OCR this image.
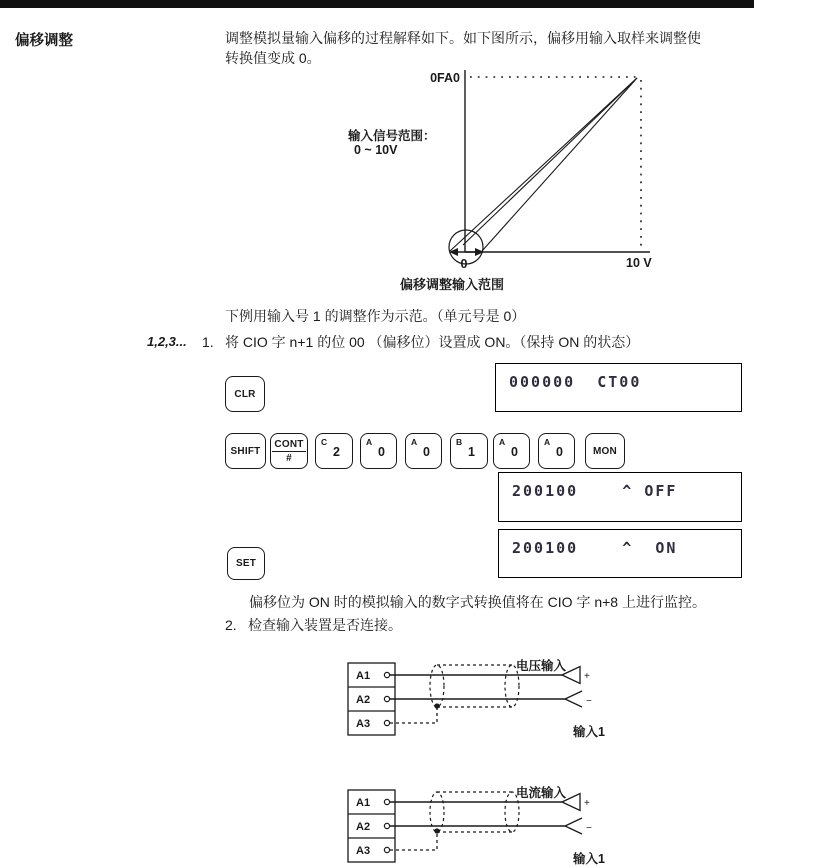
偏移调整	调整模拟量输入偏移的过程解释如下。如下图所示，偏移用输入取样来调整使
转换值变成 0。
0FA0
0	10 V
输入信号范围：
0 ~ 10V
偏移调整输入范围
下例用输入号 1 的调整作为示范。（单元号是 0）
1,2,3... 1. 将 CIO 字 n+1 的位 00 （偏移位）设置成 ON。（保持 ON 的状态）
CLR
000000  CT00
SHIFT
CONT
#
C
2
A
0
A
0
B
1
A
0
A
0	MON
200100    ^ OFF
SET
200100    ^  ON
偏移位为 ON 时的模拟输入的数字式转换值将在 CIO 字 n+8 上进行监控。
2. 检查输入装置是否连接。
A1
A2
A3
+
−
电压输入
输入1
A1
A2
A3
+
−
电流输入
输入1
